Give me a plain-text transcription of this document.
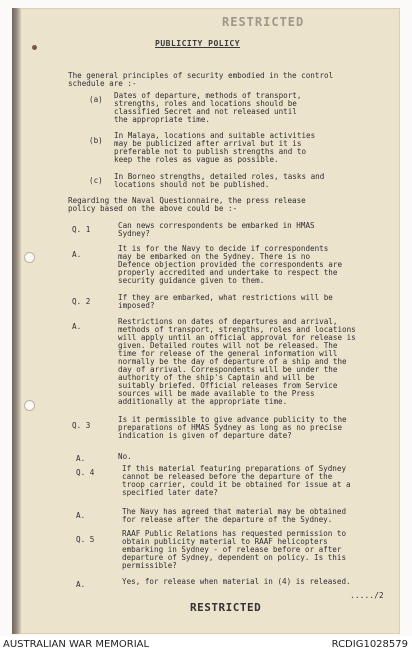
RESTRICTED
PUBLICITY POLICY
The general principles of security embodied in the control
schedule are :-
(a) Dates of departure, methods of transport,
strengths, roles and locations should be
classified Secret and not released until
the appropriate time.
(b)
In Malaya, locations and suitable activities
may be publicized after arrival but it is
preferable not to publish strengths and to
keep the roles as vague as possible.
(c) In Borneo strengths, detailed roles, tasks and
locations should not be published.
Regarding the Naval Questionnaire, the press release
policy based on the above could be :-
Q. 1	Can news correspondents be embarked in HMAS
Sydney?
A.
It is for the Navy to decide if correspondents
may be embarked on the Sydney. There is no
Defence objection provided the correspondents are
properly accredited and undertake to respect the
security guidance given to them.
Q. 2	If they are embarked, what restrictions will be
imposed?
A.
Restrictions on dates of departures and arrival,
methods of transport, strengths, roles and locations
will apply until an official approval for release is
given. Detailed routes will not be released. The
time for release of the general information will
normally be the day of departure of a ship and the
day of arrival. Correspondents will be under the
authority of the ship's Captain and will be
suitably briefed. Official releases from Service
sources will be made available to the Press
additionally at the appropriate time.
Q. 3
Is it permissible to give advance publicity to the
preparations of HMAS Sydney as long as no precise
indication is given of departure date?
A.	No.
Q. 4	If this material featuring preparations of Sydney
cannot be released before the departure of the
troop carrier, could it be obtained for issue at a
specified later date?
A.	The Navy has agreed that material may be obtained
for release after the departure of the Sydney.
Q. 5
RAAF Public Relations has requested permission to
obtain publicity material to RAAF helicopters
embarking in Sydney - of release before or after
departure of Sydney, dependent on policy. Is this
permissible?
A.	Yes, for release when material in (4) is released.
...../2
RESTRICTED
AUSTRALIAN WAR MEMORIAL	RCDIG1028579
